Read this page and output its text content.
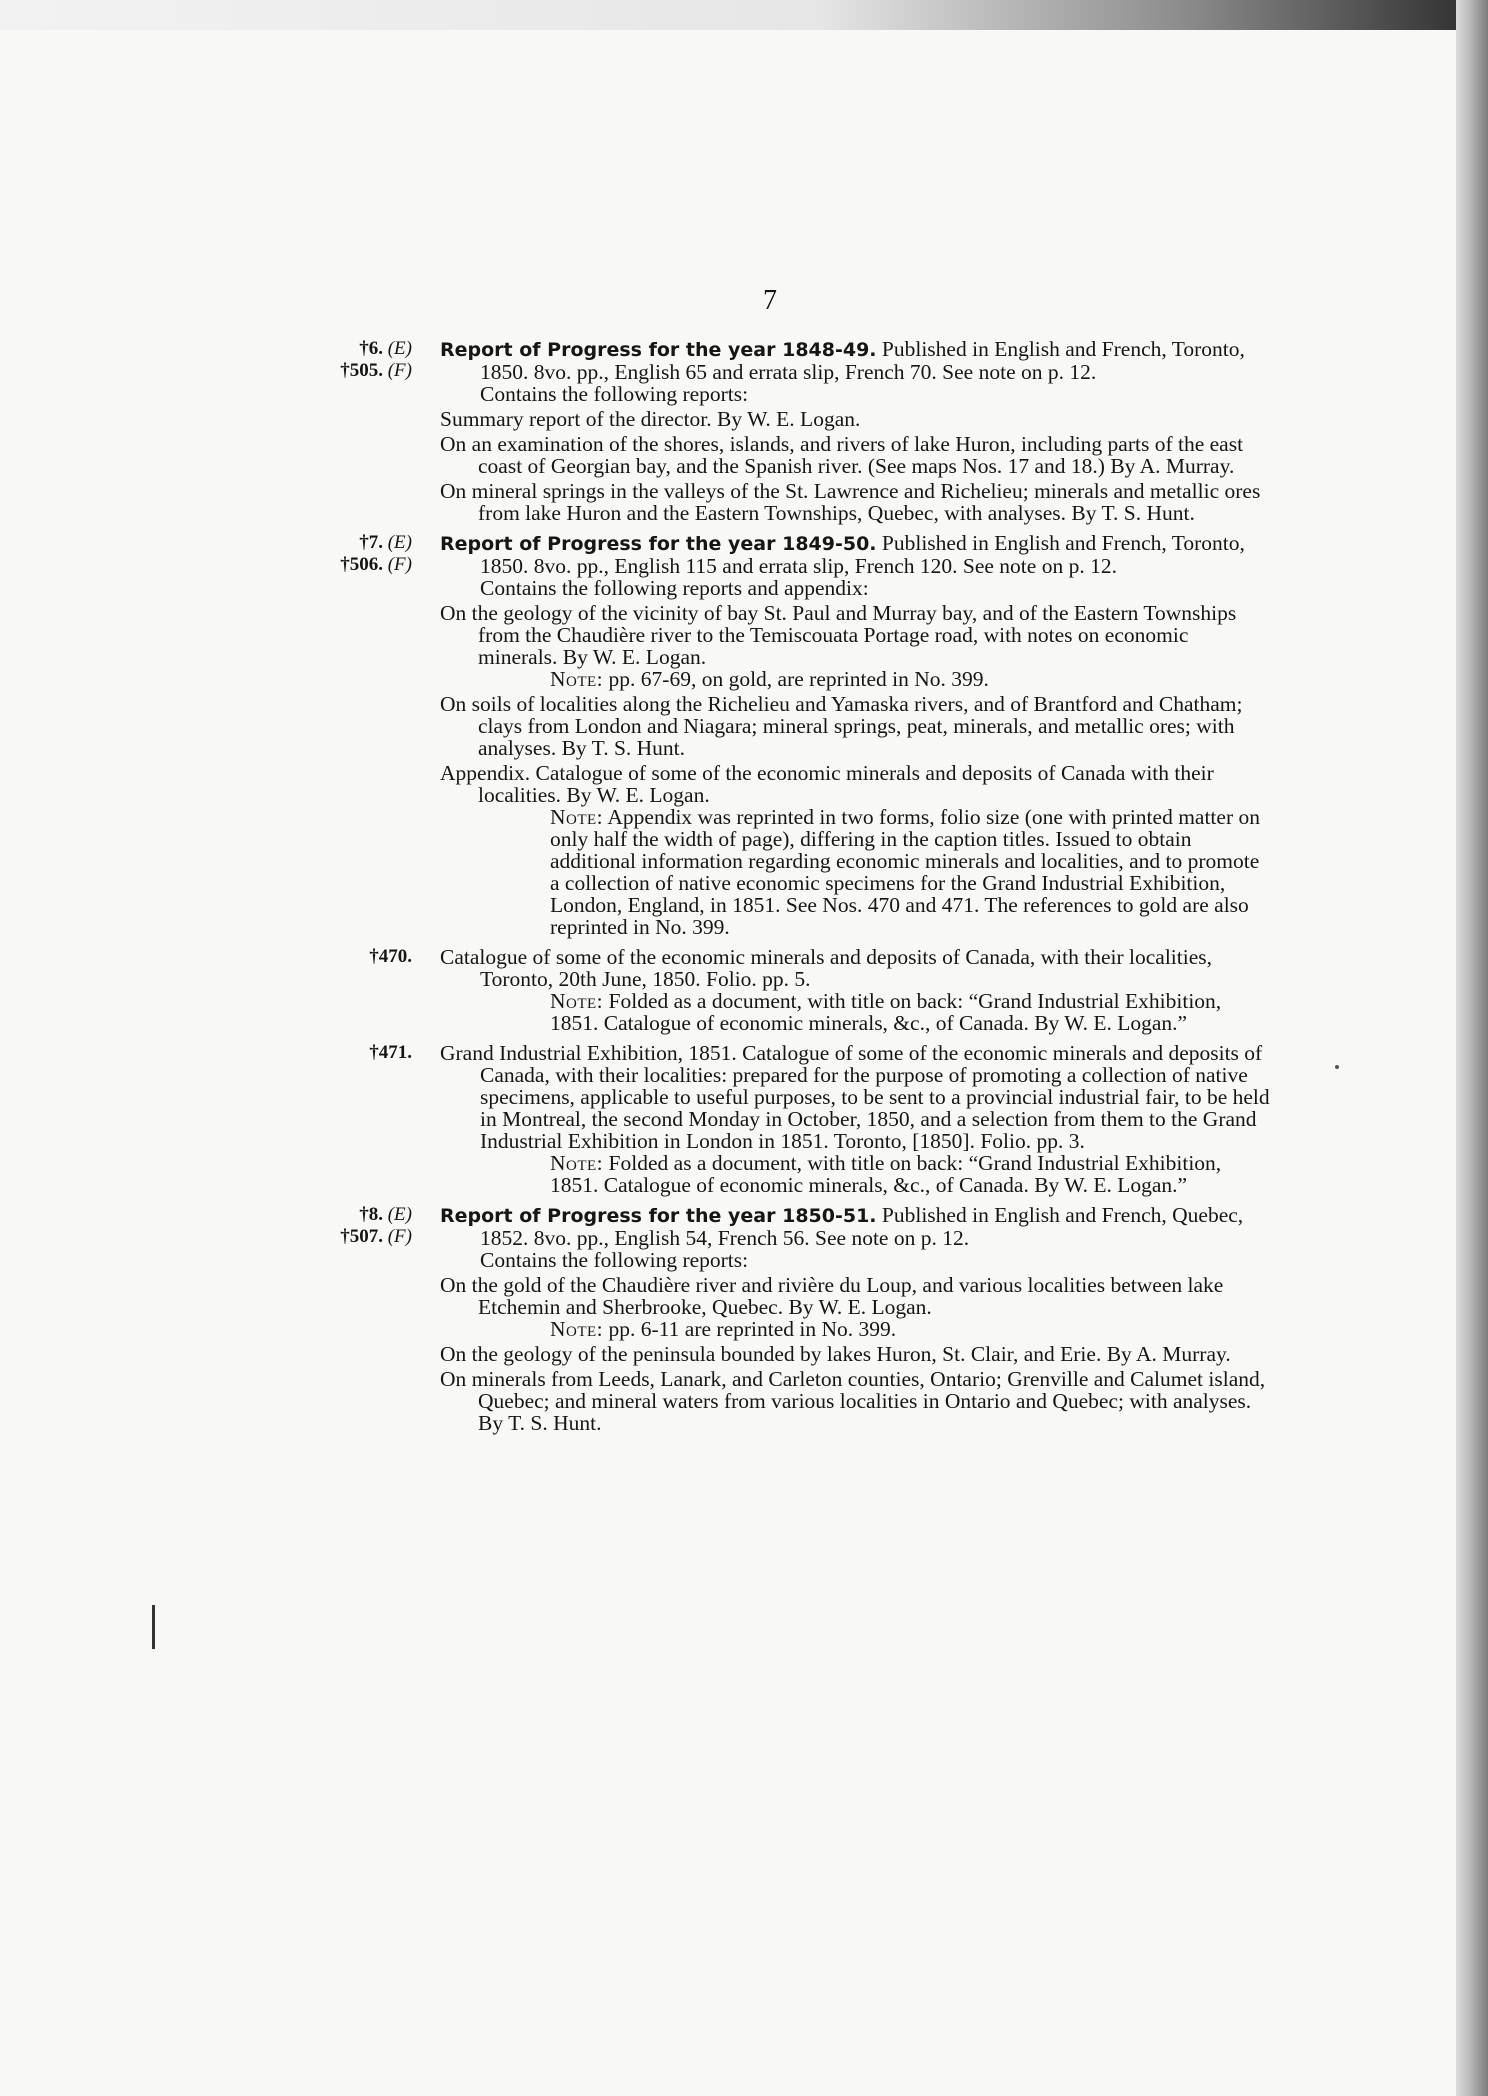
7
†6. (E)
†505. (F)
Report of Progress for the year 1848-49. Published in English and French, Toronto, 1850. 8vo. pp., English 65 and errata slip, French 70. See note on p. 12.
Contains the following reports:
Summary report of the director. By W. E. Logan.
On an examination of the shores, islands, and rivers of lake Huron, including parts of the east coast of Georgian bay, and the Spanish river. (See maps Nos. 17 and 18.) By A. Murray.
On mineral springs in the valleys of the St. Lawrence and Richelieu; minerals and metallic ores from lake Huron and the Eastern Townships, Quebec, with analyses. By T. S. Hunt.
†7. (E)
†506. (F)
Report of Progress for the year 1849-50. Published in English and French, Toronto, 1850. 8vo. pp., English 115 and errata slip, French 120. See note on p. 12.
Contains the following reports and appendix:
On the geology of the vicinity of bay St. Paul and Murray bay, and of the Eastern Townships from the Chaudière river to the Temiscouata Portage road, with notes on economic minerals. By W. E. Logan.
Note: pp. 67-69, on gold, are reprinted in No. 399.
On soils of localities along the Richelieu and Yamaska rivers, and of Brantford and Chatham; clays from London and Niagara; mineral springs, peat, minerals, and metallic ores; with analyses. By T. S. Hunt.
Appendix. Catalogue of some of the economic minerals and deposits of Canada with their localities. By W. E. Logan.
Note: Appendix was reprinted in two forms, folio size (one with printed matter on only half the width of page), differing in the caption titles. Issued to obtain additional information regarding economic minerals and localities, and to promote a collection of native economic specimens for the Grand Industrial Exhibition, London, England, in 1851. See Nos. 470 and 471. The references to gold are also reprinted in No. 399.
†470. Catalogue of some of the economic minerals and deposits of Canada, with their localities, Toronto, 20th June, 1850. Folio. pp. 5.
Note: Folded as a document, with title on back: “Grand Industrial Exhibition, 1851. Catalogue of economic minerals, &c., of Canada. By W. E. Logan.”
†471. Grand Industrial Exhibition, 1851. Catalogue of some of the economic minerals and deposits of Canada, with their localities: prepared for the purpose of promoting a collection of native specimens, applicable to useful purposes, to be sent to a provincial industrial fair, to be held in Montreal, the second Monday in October, 1850, and a selection from them to the Grand Industrial Exhibition in London in 1851. Toronto, [1850]. Folio. pp. 3.
Note: Folded as a document, with title on back: “Grand Industrial Exhibition, 1851. Catalogue of economic minerals, &c., of Canada. By W. E. Logan.”
†8. (E)
†507. (F)
Report of Progress for the year 1850-51. Published in English and French, Quebec, 1852. 8vo. pp., English 54, French 56. See note on p. 12.
Contains the following reports:
On the gold of the Chaudière river and rivière du Loup, and various localities between lake Etchemin and Sherbrooke, Quebec. By W. E. Logan.
Note: pp. 6-11 are reprinted in No. 399.
On the geology of the peninsula bounded by lakes Huron, St. Clair, and Erie. By A. Murray.
On minerals from Leeds, Lanark, and Carleton counties, Ontario; Grenville and Calumet island, Quebec; and mineral waters from various localities in Ontario and Quebec; with analyses. By T. S. Hunt.
